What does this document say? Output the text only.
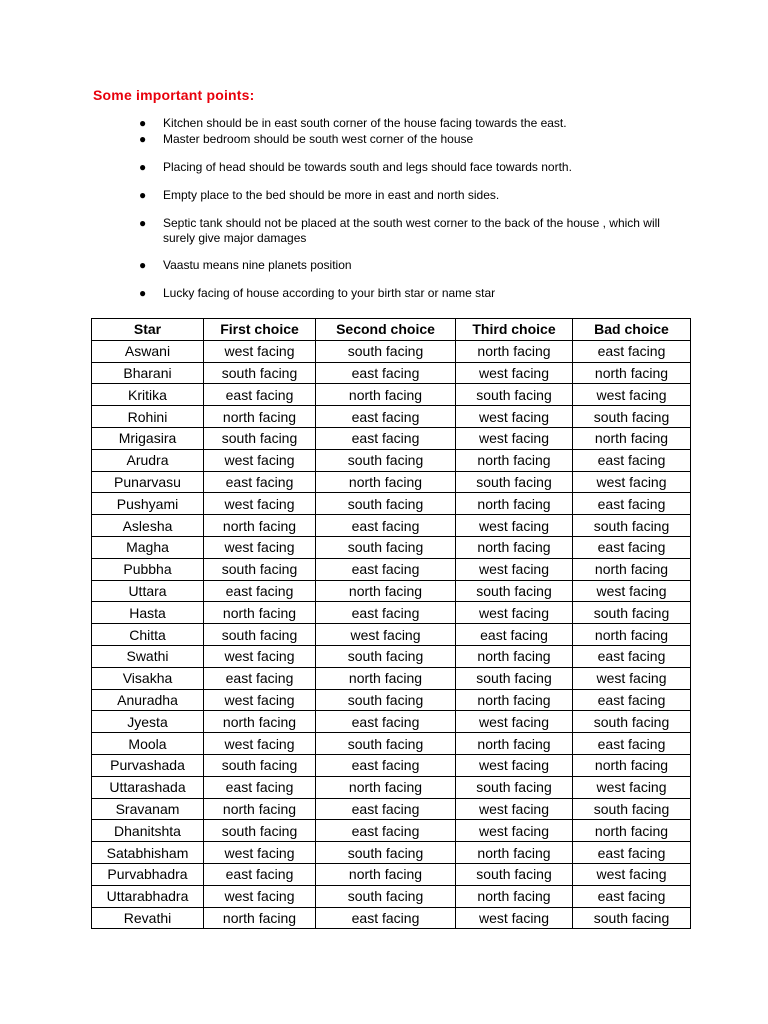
Some important points:
● Kitchen should be in east south corner of the house facing towards the east.
● Master bedroom should be south west corner of the house
● Placing of head should be towards south and legs should face towards north.
● Empty place to the bed should be more in east and north sides.
● Septic tank should not be placed at the south west corner to the back of the house , which will surely give major damages
● Vaastu means nine planets position
● Lucky facing of house according to your birth star or name star
Star	First choice	Second choice	Third choice	Bad choice
Aswani	west facing	south facing	north facing	east facing
Bharani	south facing	east facing	west facing	north facing
Kritika	east facing	north facing	south facing	west facing
Rohini	north facing	east facing	west facing	south facing
Mrigasira	south facing	east facing	west facing	north facing
Arudra	west facing	south facing	north facing	east facing
Punarvasu	east facing	north facing	south facing	west facing
Pushyami	west facing	south facing	north facing	east facing
Aslesha	north facing	east facing	west facing	south facing
Magha	west facing	south facing	north facing	east facing
Pubbha	south facing	east facing	west facing	north facing
Uttara	east facing	north facing	south facing	west facing
Hasta	north facing	east facing	west facing	south facing
Chitta	south facing	west facing	east facing	north facing
Swathi	west facing	south facing	north facing	east facing
Visakha	east facing	north facing	south facing	west facing
Anuradha	west facing	south facing	north facing	east facing
Jyesta	north facing	east facing	west facing	south facing
Moola	west facing	south facing	north facing	east facing
Purvashada	south facing	east facing	west facing	north facing
Uttarashada	east facing	north facing	south facing	west facing
Sravanam	north facing	east facing	west facing	south facing
Dhanitshta	south facing	east facing	west facing	north facing
Satabhisham	west facing	south facing	north facing	east facing
Purvabhadra	east facing	north facing	south facing	west facing
Uttarabhadra	west facing	south facing	north facing	east facing
Revathi	north facing	east facing	west facing	south facing
